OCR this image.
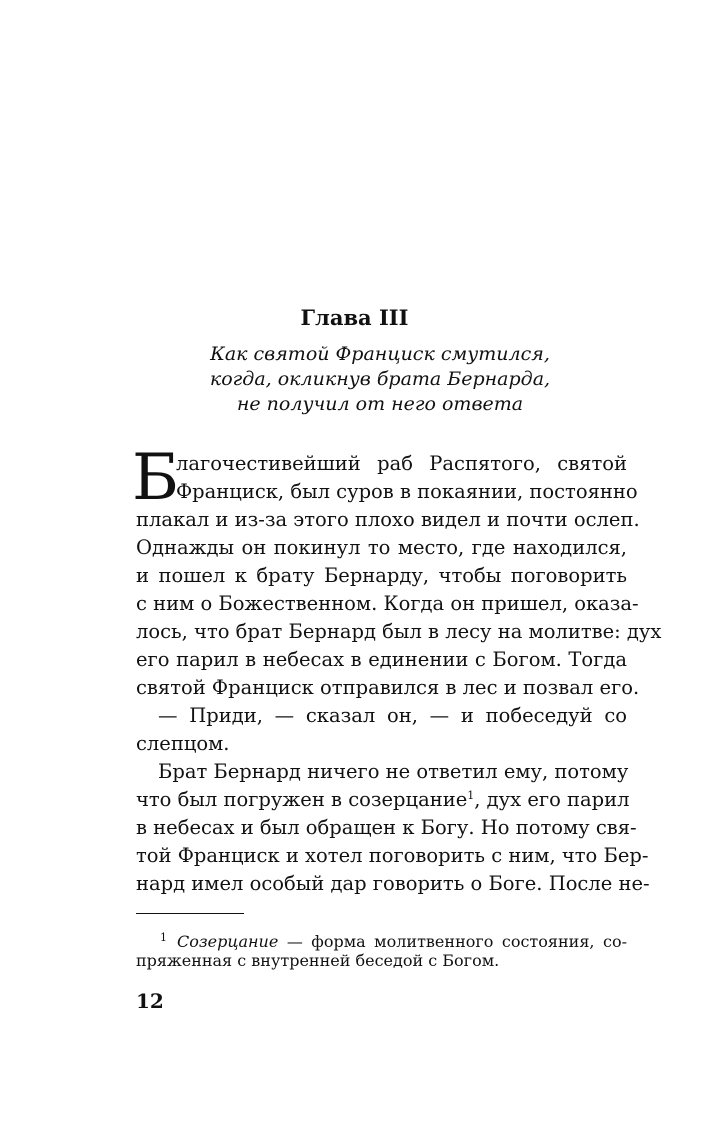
Глава III
Как святой Франциск смутился,
когда, окликнув брата Бернарда,
не получил от него ответа
Б
лагочестивейший раб Распятого, святой
Франциск, был суров в покаянии, постоянно
плакал и из-за этого плохо видел и почти ослеп.
Однажды он покинул то место, где находился,
и пошел к брату Бернарду, чтобы поговорить
с ним о Божественном. Когда он пришел, оказа-
лось, что брат Бернард был в лесу на молитве: дух
его парил в небесах в единении с Богом. Тогда
святой Франциск отправился в лес и позвал его.
— Приди, — сказал он, — и побеседуй со
слепцом.
Брат Бернард ничего не ответил ему, потому
что был погружен в созерцание$^1$, дух его парил
в небесах и был обращен к Богу. Но потому свя-
той Франциск и хотел поговорить с ним, что Бер-
нард имел особый дар говорить о Боге. После не-
$^1$ Созерцание — форма молитвенного состояния, со-
пряженная с внутренней беседой с Богом.
12
